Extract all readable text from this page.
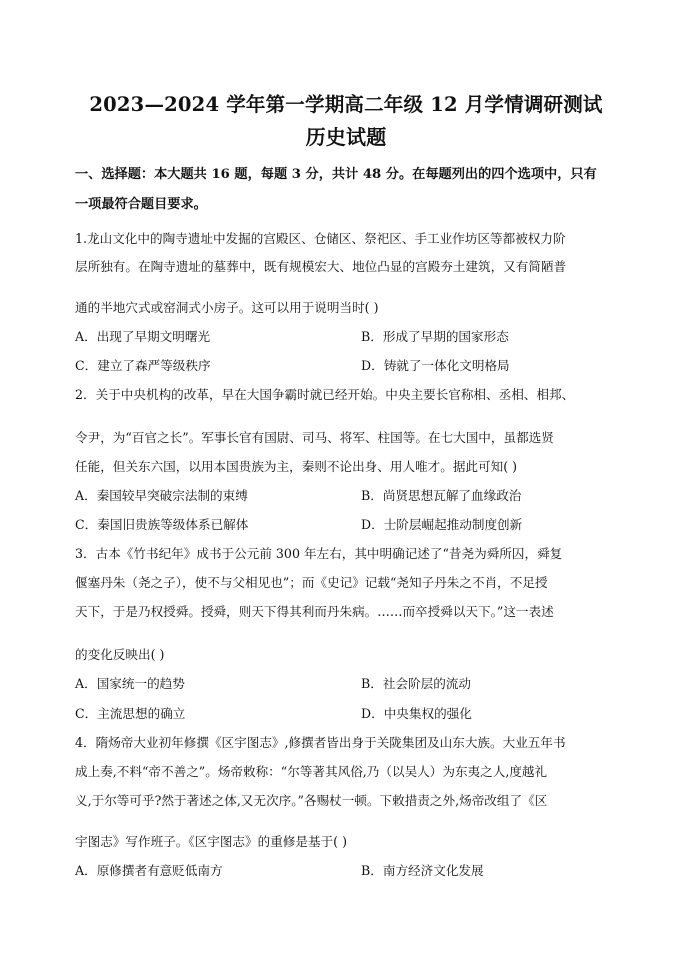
2023—2024 学年第一学期高二年级 12 月学情调研测试
历史试题
一、选择题：本大题共 16 题，每题 3 分，共计 48 分。在每题列出的四个选项中，只有
一项最符合题目要求。
1.龙山文化中的陶寺遗址中发掘的宫殿区、仓储区、祭祀区、手工业作坊区等都被权力阶
层所独有。在陶寺遗址的墓葬中，既有规模宏大、地位凸显的宫殿夯土建筑，又有简陋普
通的半地穴式或窑洞式小房子。这可以用于说明当时( )
A．出现了早期文明曙光	B．形成了早期的国家形态
C．建立了森严等级秩序	D．铸就了一体化文明格局
2．关于中央机构的改革，早在大国争霸时就已经开始。中央主要长官称相、丞相、相邦、
令尹，为“百官之长”。军事长官有国尉、司马、将军、柱国等。在七大国中，虽都选贤
任能，但关东六国，以用本国贵族为主，秦则不论出身、用人唯才。据此可知( )
A．秦国较早突破宗法制的束缚	B．尚贤思想瓦解了血缘政治
C．秦国旧贵族等级体系已解体	D．士阶层崛起推动制度创新
3．古本《竹书纪年》成书于公元前 300 年左右，其中明确记述了“昔尧为舜所囚，舜复
偃塞丹朱（尧之子），使不与父相见也”；而《史记》记载“尧知子丹朱之不肖，不足授
天下，于是乃权授舜。授舜，则天下得其利而丹朱病。……而卒授舜以天下。”这一表述
的变化反映出( )
A．国家统一的趋势	B．社会阶层的流动
C．主流思想的确立	D．中央集权的强化
4．隋炀帝大业初年修撰《区宇图志》,修撰者皆出身于关陇集团及山东大族。大业五年书
成上奏,不料“帝不善之”。炀帝敕称：“尔等著其风俗,乃（以吴人）为东夷之人,度越礼
义,于尔等可乎?然于著述之体,又无次序。”各赐杖一顿。下敕措责之外,炀帝改组了《区
宇图志》写作班子。《区宇图志》的重修是基于( )
A．原修撰者有意贬低南方	B．南方经济文化发展
